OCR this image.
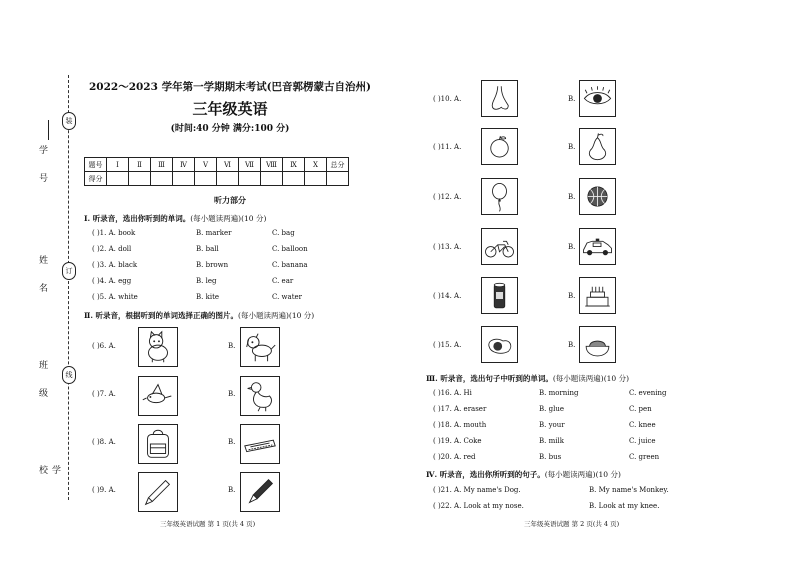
学 号
姓 名
班 级
学 校
装
订
线
2022～2023 学年第一学期期末考试(巴音郭楞蒙古自治州)
三年级英语
(时间:40 分钟 满分:100 分)
题号	Ⅰ	Ⅱ	Ⅲ	Ⅳ	Ⅴ	Ⅵ	Ⅶ	Ⅷ	Ⅸ	Ⅹ	总分
得分											
听力部分
Ⅰ. 听录音，选出你听到的单词。(每小题读两遍)(10 分)
( )1. A. book	B. marker	C. bag
( )2. A. doll	B. ball	C. balloon
( )3. A. black	B. brown	C. banana
( )4. A. egg	B. leg	C. ear
( )5. A. white	B. kite	C. water
Ⅱ. 听录音，根据听到的单词选择正确的图片。(每小题读两遍)(10 分)
( )6. A.	B.
( )7. A.	B.
( )8. A.	B.
( )9. A.	B.
三年级英语试题 第 1 页(共 4 页)
( )10. A.	B.
( )11. A.	B.
( )12. A.	B.
( )13. A.	B.
( )14. A.	B.
( )15. A.	B.
Ⅲ. 听录音，选出句子中听到的单词。(每小题读两遍)(10 分)
( )16. A. Hi	B. morning	C. evening
( )17. A. eraser	B. glue	C. pen
( )18. A. mouth	B. your	C. knee
( )19. A. Coke	B. milk	C. juice
( )20. A. red	B. bus	C. green
Ⅳ. 听录音，选出你所听到的句子。(每小题读两遍)(10 分)
( )21. A. My name's Dog.	B. My name's Monkey.
( )22. A. Look at my nose.	B. Look at my knee.
三年级英语试题 第 2 页(共 4 页)
